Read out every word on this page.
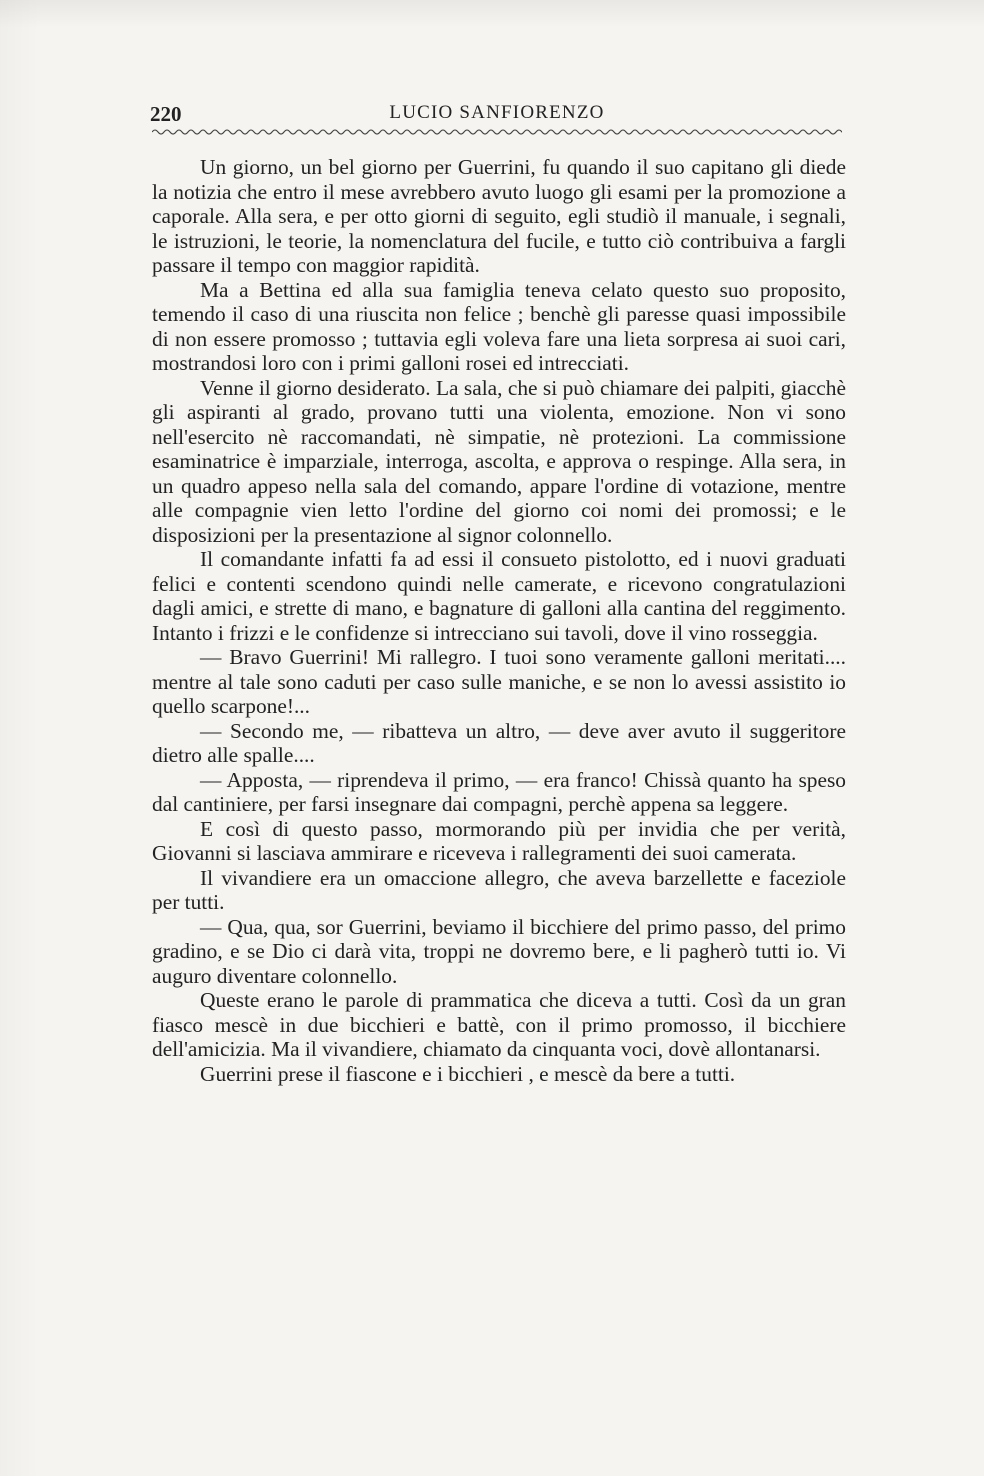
220	LUCIO SANFIORENZO

Un giorno, un bel giorno per Guerrini, fu quando il suo capitano gli diede la notizia che entro il mese avrebbero avuto luogo gli esami per la promozione a caporale. Alla sera, e per otto giorni di seguito, egli studiò il manuale, i segnali, le istruzioni, le teorie, la nomenclatura del fucile, e tutto ciò contribuiva a fargli passare il tempo con maggior rapidità.

Ma a Bettina ed alla sua famiglia teneva celato questo suo proposito, temendo il caso di una riuscita non felice ; benchè gli paresse quasi impossibile di non essere promosso ; tuttavia egli voleva fare una lieta sorpresa ai suoi cari, mostrandosi loro con i primi galloni rosei ed intrecciati.

Venne il giorno desiderato. La sala, che si può chiamare dei palpiti, giacchè gli aspiranti al grado, provano tutti una violenta, emozione. Non vi sono nell'esercito nè raccomandati, nè simpatie, nè protezioni. La commissione esaminatrice è imparziale, interroga, ascolta, e approva o respinge. Alla sera, in un quadro appeso nella sala del comando, appare l'ordine di votazione, mentre alle compagnie vien letto l'ordine del giorno coi nomi dei promossi; e le disposizioni per la presentazione al signor colonnello.

Il comandante infatti fa ad essi il consueto pistolotto, ed i nuovi graduati felici e contenti scendono quindi nelle camerate, e ricevono congratulazioni dagli amici, e strette di mano, e bagnature di galloni alla cantina del reggimento. Intanto i frizzi e le confidenze si intrecciano sui tavoli, dove il vino rosseggia.

— Bravo Guerrini! Mi rallegro. I tuoi sono veramente galloni meritati.... mentre al tale sono caduti per caso sulle maniche, e se non lo avessi assistito io quello scarpone!...

— Secondo me, — ribatteva un altro, — deve aver avuto il suggeritore dietro alle spalle....

— Apposta, — riprendeva il primo, — era franco! Chissà quanto ha speso dal cantiniere, per farsi insegnare dai compagni, perchè appena sa leggere.

E così di questo passo, mormorando più per invidia che per verità, Giovanni si lasciava ammirare e riceveva i rallegramenti dei suoi camerata.

Il vivandiere era un omaccione allegro, che aveva barzellette e faceziole per tutti.

— Qua, qua, sor Guerrini, beviamo il bicchiere del primo passo, del primo gradino, e se Dio ci darà vita, troppi ne dovremo bere, e li pagherò tutti io. Vi auguro diventare colonnello.

Queste erano le parole di prammatica che diceva a tutti. Così da un gran fiasco mescè in due bicchieri e battè, con il primo promosso, il bicchiere dell'amicizia. Ma il vivandiere, chiamato da cinquanta voci, dovè allontanarsi.

Guerrini prese il fiascone e i bicchieri , e mescè da bere a tutti.
